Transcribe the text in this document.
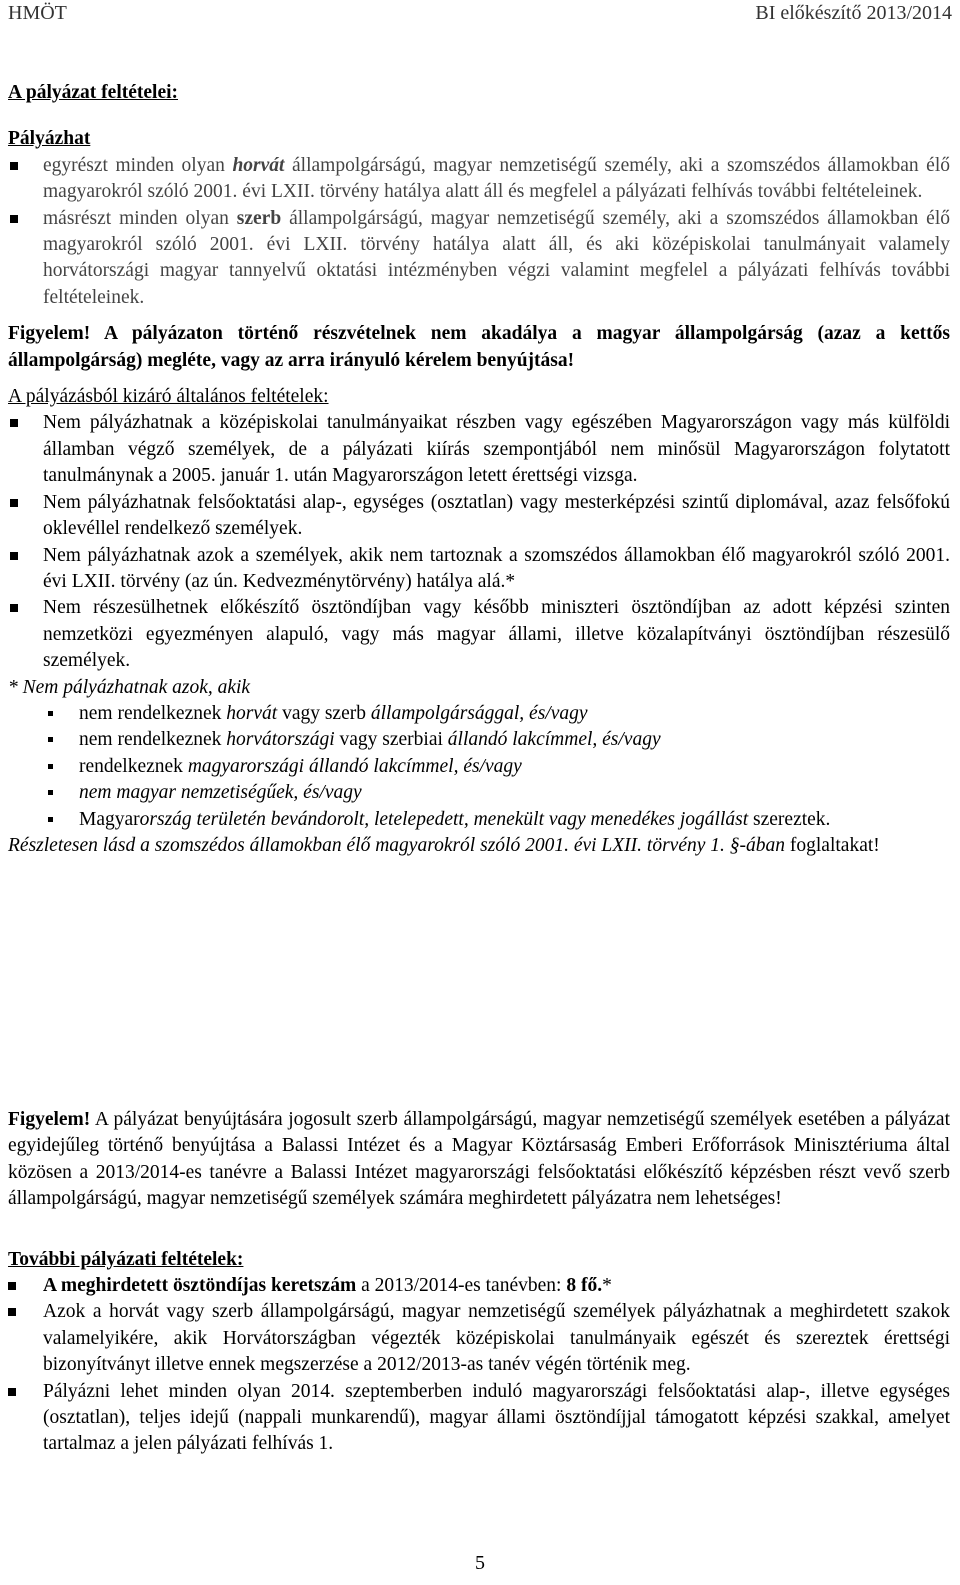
HMÖT	BI előkészítő 2013/2014

A pályázat feltételei:

Pályázhat

egyrészt minden olyan horvát állampolgárságú, magyar nemzetiségű személy, aki a szomszédos államokban élő magyarokról szóló 2001. évi LXII. törvény hatálya alatt áll és megfelel a pályázati felhívás további feltételeinek.
másrészt minden olyan szerb állampolgárságú, magyar nemzetiségű személy, aki a szomszédos államokban élő magyarokról szóló 2001. évi LXII. törvény hatálya alatt áll, és aki középiskolai tanulmányait valamely horvátországi magyar tannyelvű oktatási intézményben végzi valamint megfelel a pályázati felhívás további feltételeinek.

Figyelem! A pályázaton történő részvételnek nem akadálya a magyar állampolgárság (azaz a kettős állampolgárság) megléte, vagy az arra irányuló kérelem benyújtása!

A pályázásból kizáró általános feltételek:

Nem pályázhatnak a középiskolai tanulmányaikat részben vagy egészében Magyarországon vagy más külföldi államban végző személyek, de a pályázati kiírás szempontjából nem minősül Magyarországon folytatott tanulmánynak a 2005. január 1. után Magyarországon letett érettségi vizsga.
Nem pályázhatnak felsőoktatási alap-, egységes (osztatlan) vagy mesterképzési szintű diplomával, azaz felsőfokú oklevéllel rendelkező személyek.
Nem pályázhatnak azok a személyek, akik nem tartoznak a szomszédos államokban élő magyarokról szóló 2001. évi LXII. törvény (az ún. Kedvezménytörvény) hatálya alá.*
Nem részesülhetnek előkészítő ösztöndíjban vagy később miniszteri ösztöndíjban az adott képzési szinten nemzetközi egyezményen alapuló, vagy más magyar állami, illetve közalapítványi ösztöndíjban részesülő személyek.

* Nem pályázhatnak azok, akik

nem rendelkeznek horvát vagy szerb állampolgársággal, és/vagy
nem rendelkeznek horvátországi vagy szerbiai állandó lakcímmel, és/vagy
rendelkeznek magyarországi állandó lakcímmel, és/vagy
nem magyar nemzetiségűek, és/vagy
Magyarország területén bevándorolt, letelepedett, menekült vagy menedékes jogállást szereztek.

Részletesen lásd a szomszédos államokban élő magyarokról szóló 2001. évi LXII. törvény 1. §-ában foglaltakat!

Figyelem! A pályázat benyújtására jogosult szerb állampolgárságú, magyar nemzetiségű személyek esetében a pályázat egyidejűleg történő benyújtása a Balassi Intézet és a Magyar Köztársaság Emberi Erőforrások Minisztériuma által közösen a 2013/2014-es tanévre a Balassi Intézet magyarországi felsőoktatási előkészítő képzésben részt vevő szerb állampolgárságú, magyar nemzetiségű személyek számára meghirdetett pályázatra nem lehetséges!

További pályázati feltételek:

A meghirdetett ösztöndíjas keretszám a 2013/2014-es tanévben: 8 fő.*
Azok a horvát vagy szerb állampolgárságú, magyar nemzetiségű személyek pályázhatnak a meghirdetett szakok valamelyikére, akik Horvátországban végezték középiskolai tanulmányaik egészét és szereztek érettségi bizonyítványt illetve ennek megszerzése a 2012/2013-as tanév végén történik meg.
Pályázni lehet minden olyan 2014. szeptemberben induló magyarországi felsőoktatási alap-, illetve egységes (osztatlan), teljes idejű (nappali munkarendű), magyar állami ösztöndíjjal támogatott képzési szakkal, amelyet tartalmaz a jelen pályázati felhívás 1.
5
